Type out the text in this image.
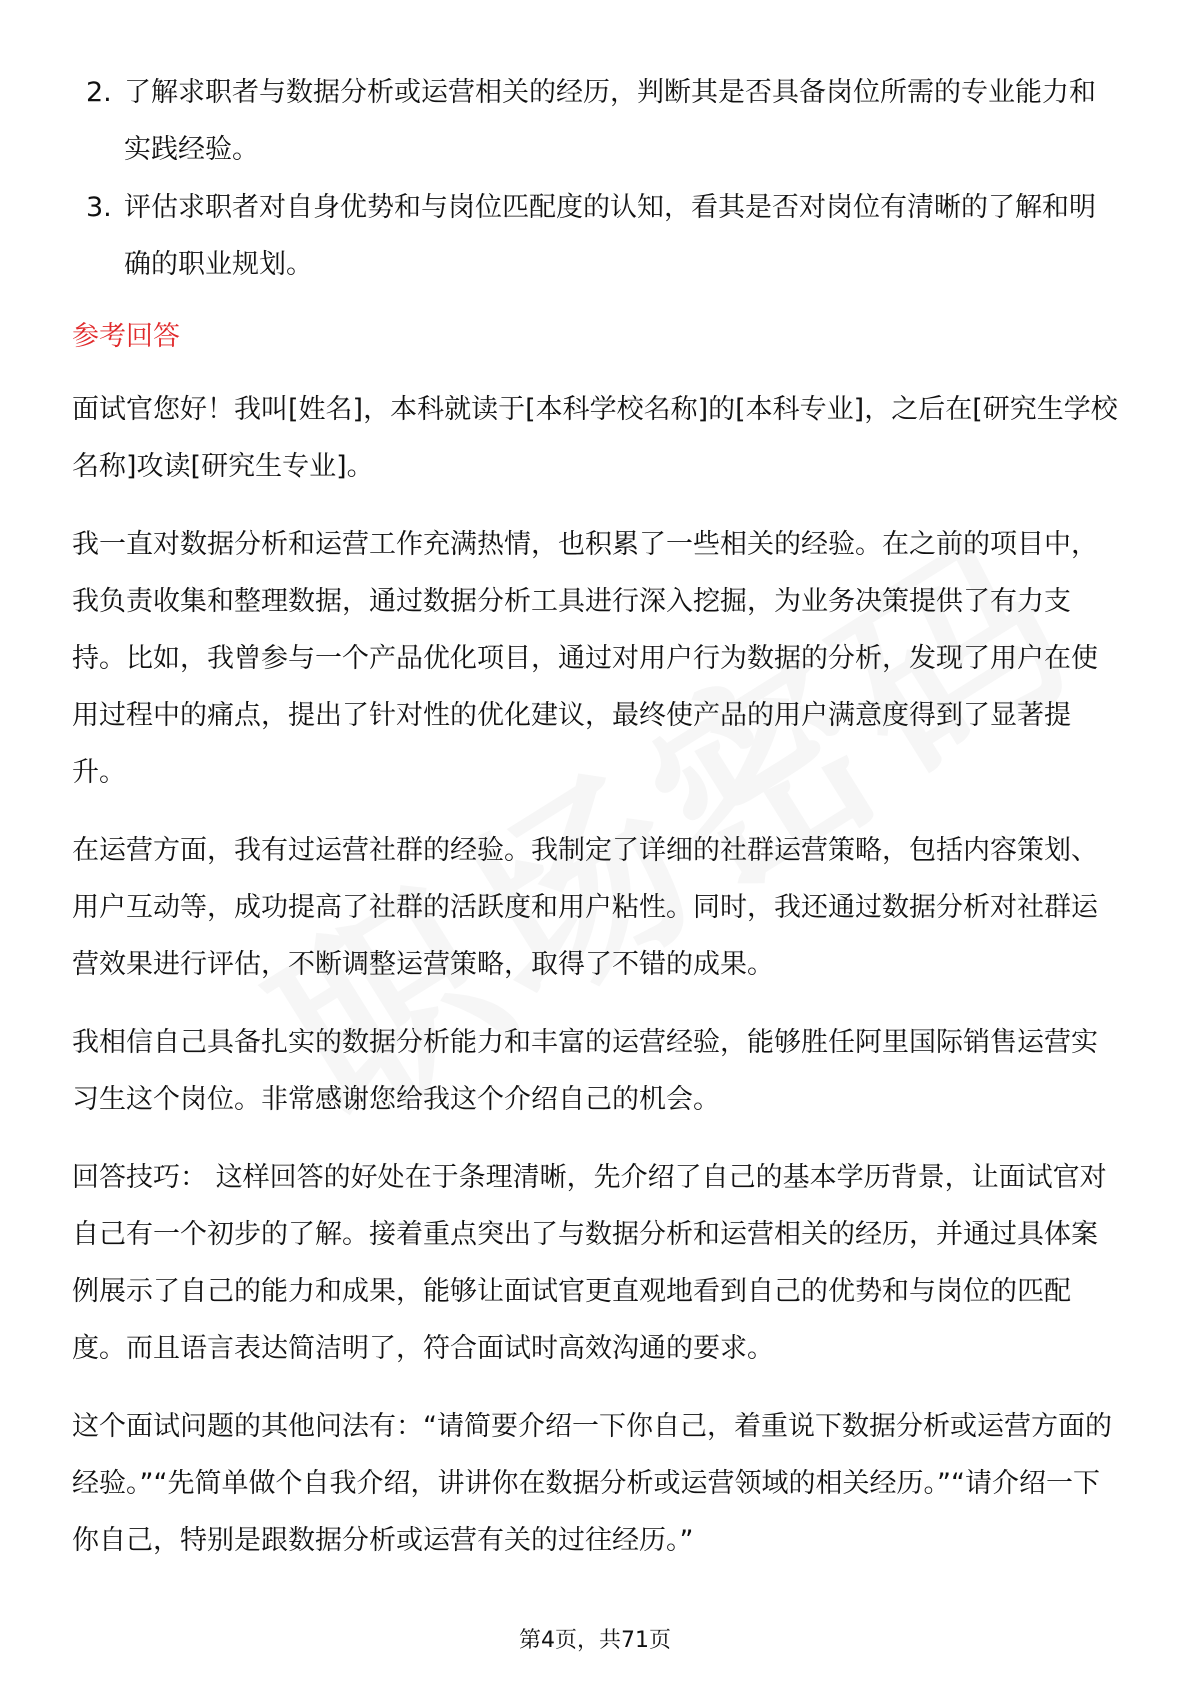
2. 了解求职者与数据分析或运营相关的经历，判断其是否具备岗位所需的专业能力和实践经验。
3. 评估求职者对自身优势和与岗位匹配度的认知，看其是否对岗位有清晰的了解和明确的职业规划。
参考回答

面试官您好！我叫[姓名]，本科就读于[本科学校名称]的[本科专业]，之后在[研究生学校名称]攻读[研究生专业]。

我一直对数据分析和运营工作充满热情，也积累了一些相关的经验。在之前的项目中，我负责收集和整理数据，通过数据分析工具进行深入挖掘，为业务决策提供了有力支持。比如，我曾参与一个产品优化项目，通过对用户行为数据的分析，发现了用户在使用过程中的痛点，提出了针对性的优化建议，最终使产品的用户满意度得到了显著提升。

在运营方面，我有过运营社群的经验。我制定了详细的社群运营策略，包括内容策划、用户互动等，成功提高了社群的活跃度和用户粘性。同时，我还通过数据分析对社群运营效果进行评估，不断调整运营策略，取得了不错的成果。

我相信自己具备扎实的数据分析能力和丰富的运营经验，能够胜任阿里国际销售运营实习生这个岗位。非常感谢您给我这个介绍自己的机会。

回答技巧： 这样回答的好处在于条理清晰，先介绍了自己的基本学历背景，让面试官对自己有一个初步的了解。接着重点突出了与数据分析和运营相关的经历，并通过具体案例展示了自己的能力和成果，能够让面试官更直观地看到自己的优势和与岗位的匹配度。而且语言表达简洁明了，符合面试时高效沟通的要求。

这个面试问题的其他问法有：“请简要介绍一下你自己，着重说下数据分析或运营方面的经验。”“先简单做个自我介绍，讲讲你在数据分析或运营领域的相关经历。”“请介绍一下你自己，特别是跟数据分析或运营有关的过往经历。”

第4页，共71页
